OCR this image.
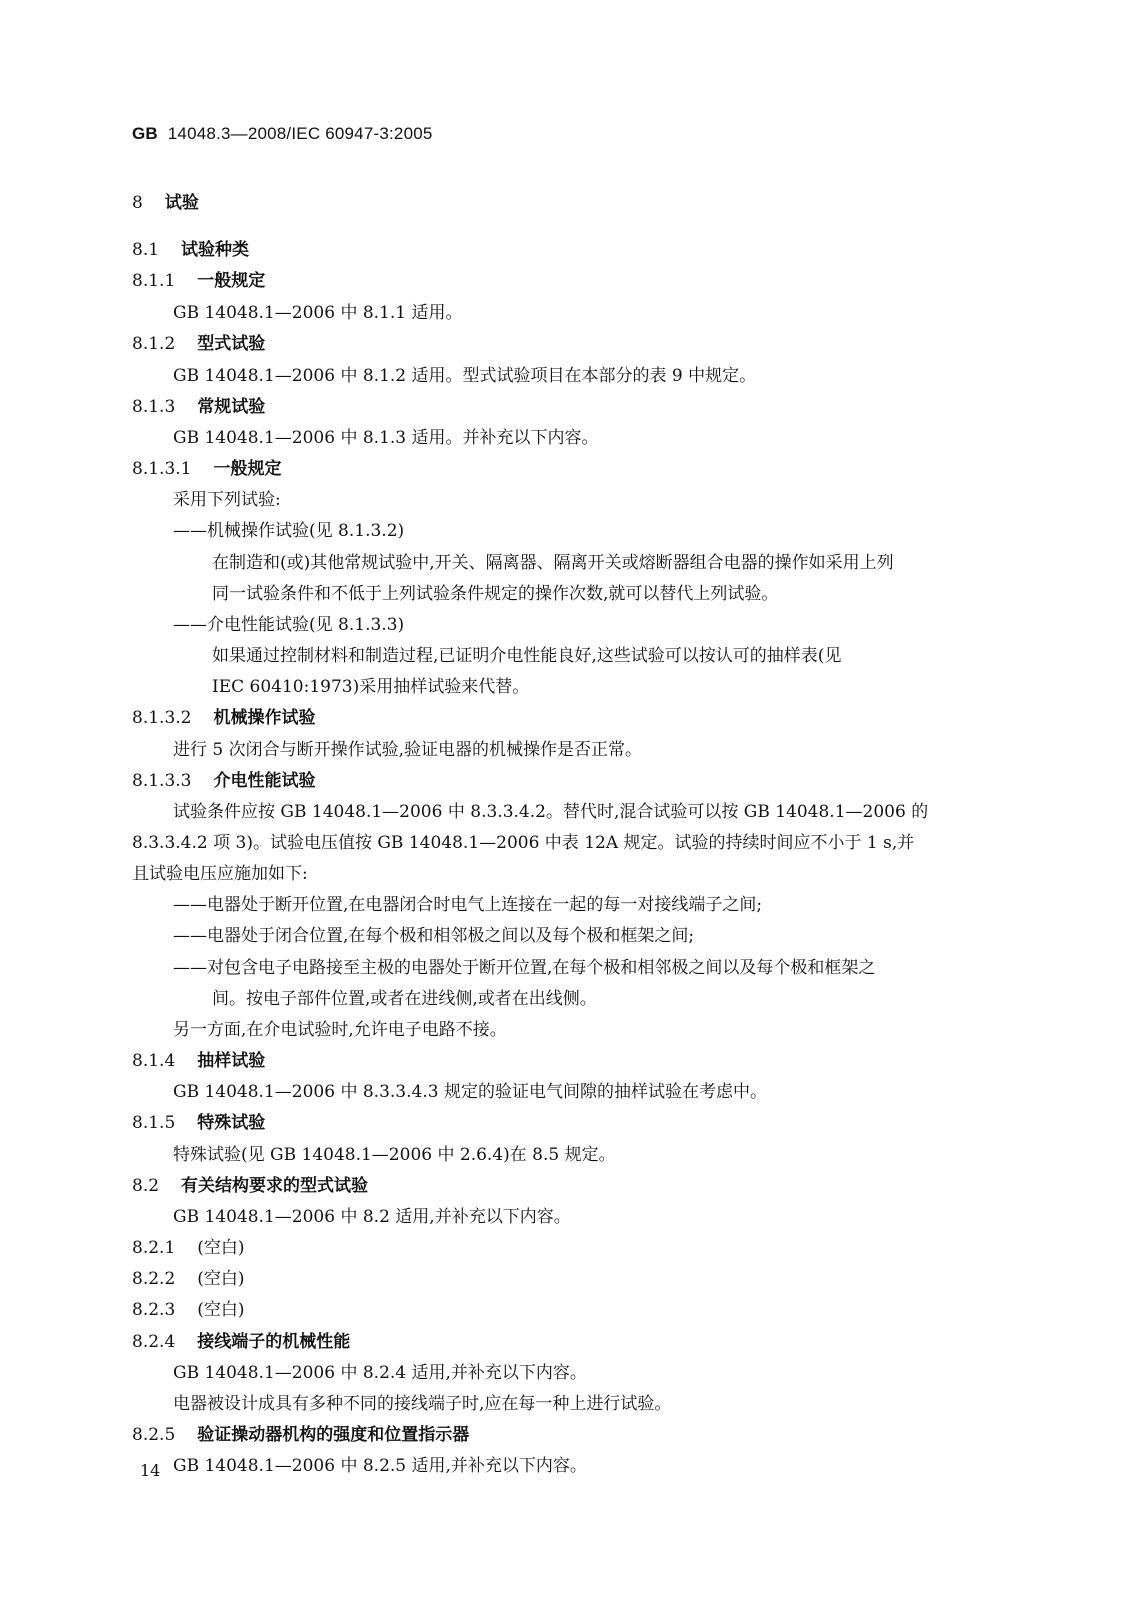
GB 14048.3—2008/IEC 60947-3:2005
8 试验
8.1 试验种类
8.1.1 一般规定
GB 14048.1—2006 中 8.1.1 适用。
8.1.2 型式试验
GB 14048.1—2006 中 8.1.2 适用。型式试验项目在本部分的表 9 中规定。
8.1.3 常规试验
GB 14048.1—2006 中 8.1.3 适用。并补充以下内容。
8.1.3.1 一般规定
采用下列试验:
——机械操作试验(见 8.1.3.2)
在制造和(或)其他常规试验中,开关、隔离器、隔离开关或熔断器组合电器的操作如采用上列
同一试验条件和不低于上列试验条件规定的操作次数,就可以替代上列试验。
——介电性能试验(见 8.1.3.3)
如果通过控制材料和制造过程,已证明介电性能良好,这些试验可以按认可的抽样表(见
IEC 60410:1973)采用抽样试验来代替。
8.1.3.2 机械操作试验
进行 5 次闭合与断开操作试验,验证电器的机械操作是否正常。
8.1.3.3 介电性能试验
试验条件应按 GB 14048.1—2006 中 8.3.3.4.2。替代时,混合试验可以按 GB 14048.1—2006 的
8.3.3.4.2 项 3)。试验电压值按 GB 14048.1—2006 中表 12A 规定。试验的持续时间应不小于 1 s,并
且试验电压应施加如下:
——电器处于断开位置,在电器闭合时电气上连接在一起的每一对接线端子之间;
——电器处于闭合位置,在每个极和相邻极之间以及每个极和框架之间;
——对包含电子电路接至主极的电器处于断开位置,在每个极和相邻极之间以及每个极和框架之
间。按电子部件位置,或者在进线侧,或者在出线侧。
另一方面,在介电试验时,允许电子电路不接。
8.1.4 抽样试验
GB 14048.1—2006 中 8.3.3.4.3 规定的验证电气间隙的抽样试验在考虑中。
8.1.5 特殊试验
特殊试验(见 GB 14048.1—2006 中 2.6.4)在 8.5 规定。
8.2 有关结构要求的型式试验
GB 14048.1—2006 中 8.2 适用,并补充以下内容。
8.2.1 (空白)
8.2.2 (空白)
8.2.3 (空白)
8.2.4 接线端子的机械性能
GB 14048.1—2006 中 8.2.4 适用,并补充以下内容。
电器被设计成具有多种不同的接线端子时,应在每一种上进行试验。
8.2.5 验证操动器机构的强度和位置指示器
GB 14048.1—2006 中 8.2.5 适用,并补充以下内容。
14
